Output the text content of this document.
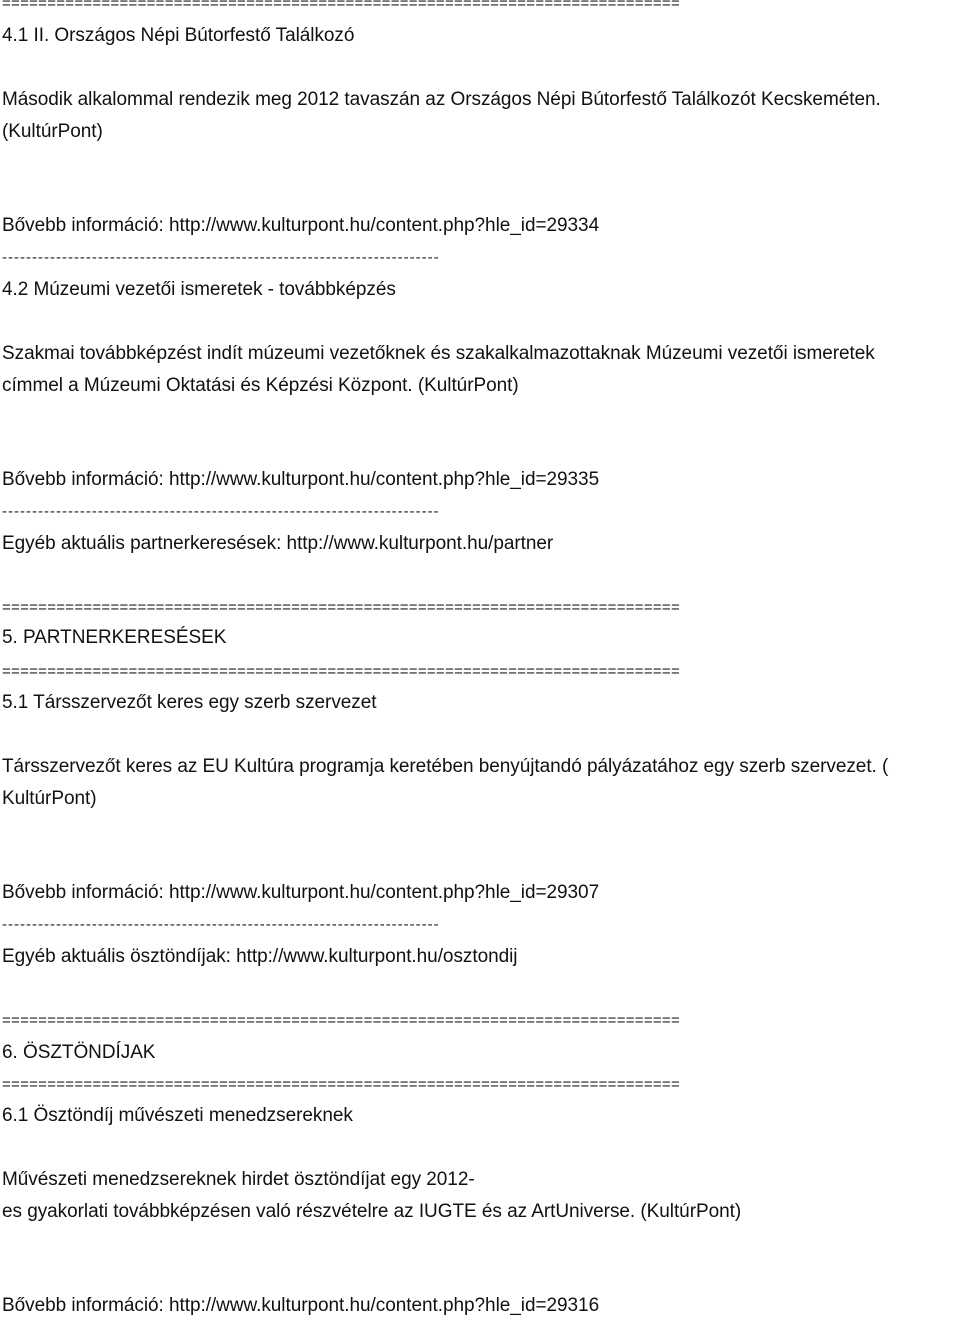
===========================================================================
4.1 II. Országos Népi Bútorfestő Találkozó
Második alkalommal rendezik meg 2012 tavaszán az Országos Népi Bútorfestő Találkozót Kecskeméten.
(KultúrPont)
Bővebb információ: http://www.kulturpont.hu/content.php?hle_id=29334
-------------------------------------------------------------------------
4.2 Múzeumi vezetői ismeretek - továbbképzés
Szakmai továbbképzést indít múzeumi vezetőknek és szakalkalmazottaknak Múzeumi vezetői ismeretek
címmel a Múzeumi Oktatási és Képzési Központ. (KultúrPont)
Bővebb információ: http://www.kulturpont.hu/content.php?hle_id=29335
-------------------------------------------------------------------------
Egyéb aktuális partnerkeresések: http://www.kulturpont.hu/partner
===========================================================================
5. PARTNERKERESÉSEK
===========================================================================
5.1 Társszervezőt keres egy szerb szervezet
Társszervezőt keres az EU Kultúra programja keretében benyújtandó pályázatához egy szerb szervezet. (
KultúrPont)
Bővebb információ: http://www.kulturpont.hu/content.php?hle_id=29307
-------------------------------------------------------------------------
Egyéb aktuális ösztöndíjak: http://www.kulturpont.hu/osztondij
===========================================================================
6. ÖSZTÖNDÍJAK
===========================================================================
6.1 Ösztöndíj művészeti menedzsereknek
Művészeti menedzsereknek hirdet ösztöndíjat egy 2012-
es gyakorlati továbbképzésen való részvételre az IUGTE és az ArtUniverse. (KultúrPont)
Bővebb információ: http://www.kulturpont.hu/content.php?hle_id=29316
